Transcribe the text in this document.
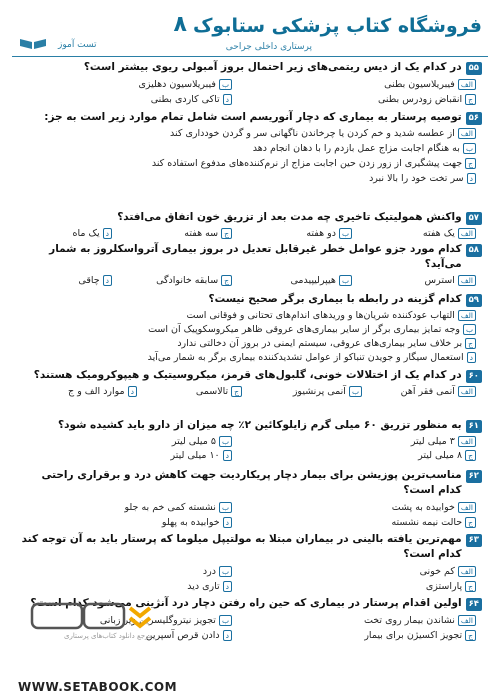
فروشگاه کتاب پزشکی ستابوک
۸
پرستاری داخلی جراحی
تست آموز
۵۵
در کدام یک از دیس ریتمی‌های زیر احتمال بروز آمبولی ریوی بیشتر است؟
الففیبریلاسیون بطنی
بفیبریلاسیون دهلیزی
جانقباض زودرس بطنی
دتاکی کاردی بطنی
۵۶
توصیه پرستار به بیماری که دچار آنوریسم است شامل تمام موارد زیر است به جز:
الفاز عطسه شدید و خم کردن یا چرخاندن ناگهانی سر و گردن خودداری کند
ببه هنگام اجابت مزاج عمل بازدم را با دهان انجام دهد
ججهت پیشگیری از زور زدن حین اجابت مزاج از نرم‌کننده‌های مدفوع استفاده کند
دسر تخت خود را بالا نبرد
۵۷
واکنش همولیتیک تاخیری چه مدت بعد از تزریق خون اتفاق می‌افتد؟
الفیک هفته
بدو هفته
جسه هفته
دیک ماه
۵۸
کدام مورد جزو عوامل خطر غیرقابل تعدیل در بروز بیماری آترواسکلروز به شمار می‌آید؟
الفاسترس
بهیپرلیپیدمی
جسابقه خانوادگی
دچاقی
۵۹
کدام گزینه در رابطه با بیماری برگر صحیح نیست؟
الفالتهاب عودکننده شریان‌ها و وریدهای اندام‌های تحتانی و فوقانی است
بوجه تمایز بیماری برگر از سایر بیماری‌های عروقی ظاهر میکروسکوپیک آن است
جبر خلاف سایر بیماری‌های عروقی، سیستم ایمنی در بروز آن دخالتی ندارد
داستعمال سیگار و جویدن تنباکو از عوامل تشدیدکننده بیماری برگر به شمار می‌آید
۶۰
در کدام یک از اختلالات خونی، گلبول‌های قرمز، میکروسیتیک و هیپوکرومیک هستند؟
الفآنمی فقر آهن
بآنمی پرنشیوز
جتالاسمی
دموارد الف و ج
۶۱
به منظور تزریق ۶۰ میلی گرم زایلوکائین ۲٪ چه میزان از دارو باید کشیده شود؟
الف۳ میلی لیتر
ب۵ میلی لیتر
ج۸ میلی لیتر
د۱۰ میلی لیتر
۶۲
مناسب‌ترین پوزیشن برای بیمار دچار پریکاردیت جهت کاهش درد و برقراری راحتی کدام است؟
الفخوابیده به پشت
بنشسته کمی خم به جلو
جحالت نیمه نشسته
دخوابیده به پهلو
۶۳
مهم‌ترین یافته بالینی در بیماران مبتلا به مولتیپل میلوما که پرستار باید به آن توجه کند کدام است؟
الفکم خونی
بدرد
جپاراستزی
دتاری دید
۶۴
اولین اقدام پرستار در بیماری که حین راه رفتن دچار درد آنژینی می‌شود کدام است؟
الفنشاندن بیمار روی تخت
بتجویز نیتروگلیسرین زیر زبانی
جتجویز اکسیژن برای بیمار
ددادن قرص آسپرین
مرجع دانلود کتاب‌های پرستاری
WWW.SETABOOK.COM
